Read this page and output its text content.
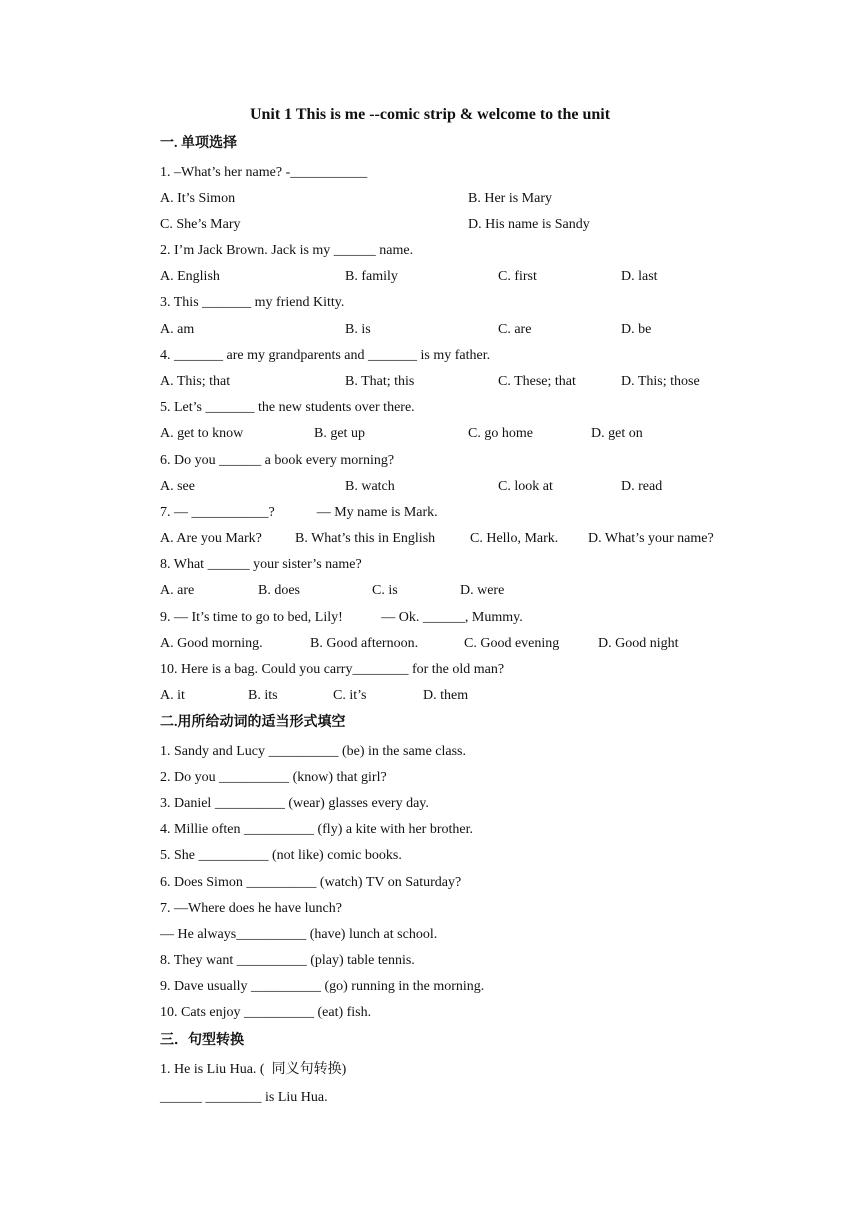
Unit 1 This is me --comic strip & welcome to the unit
一. 单项选择
1. –What’s her name? -___________
A. It’s Simon	B. Her is Mary
C. She’s Mary	D. His name is Sandy
2. I’m Jack Brown. Jack is my ______ name.
A. English	B. family	C. first	D. last
3. This _______ my friend Kitty.
A. am	B. is	C. are	D. be
4. _______ are my grandparents and _______ is my father.
A. This; that	B. That; this	C. These; that	D. This; those
5. Let’s _______ the new students over there.
A. get to know	B. get up	C. go home	D. get on
6. Do you ______ a book every morning?
A. see	B. watch	C. look at	D. read
7. — ___________?            — My name is Mark.
A. Are you Mark? B. What’s this in English C. Hello, Mark. D. What’s your name?
8. What ______ your sister’s name?
A. are	B. does	C. is	D. were
9. — It’s time to go to bed, Lily!           — Ok. ______, Mummy.
A. Good morning.	B. Good afternoon.	C. Good evening	D. Good night
10. Here is a bag. Could you carry________ for the old man?
A. it	B. its	C. it’s	D. them
二.用所给动词的适当形式填空
1. Sandy and Lucy __________ (be) in the same class.
2. Do you __________ (know) that girl?
3. Daniel __________ (wear) glasses every day.
4. Millie often __________ (fly) a kite with her brother.
5. She __________ (not like) comic books.
6. Does Simon __________ (watch) TV on Saturday?
7. —Where does he have lunch?
— He always__________ (have) lunch at school.
8. They want __________ (play) table tennis.
9. Dave usually __________ (go) running in the morning.
10. Cats enjoy __________ (eat) fish.
三．句型转换
1. He is Liu Hua. (  同义句转换)
______ ________ is Liu Hua.
